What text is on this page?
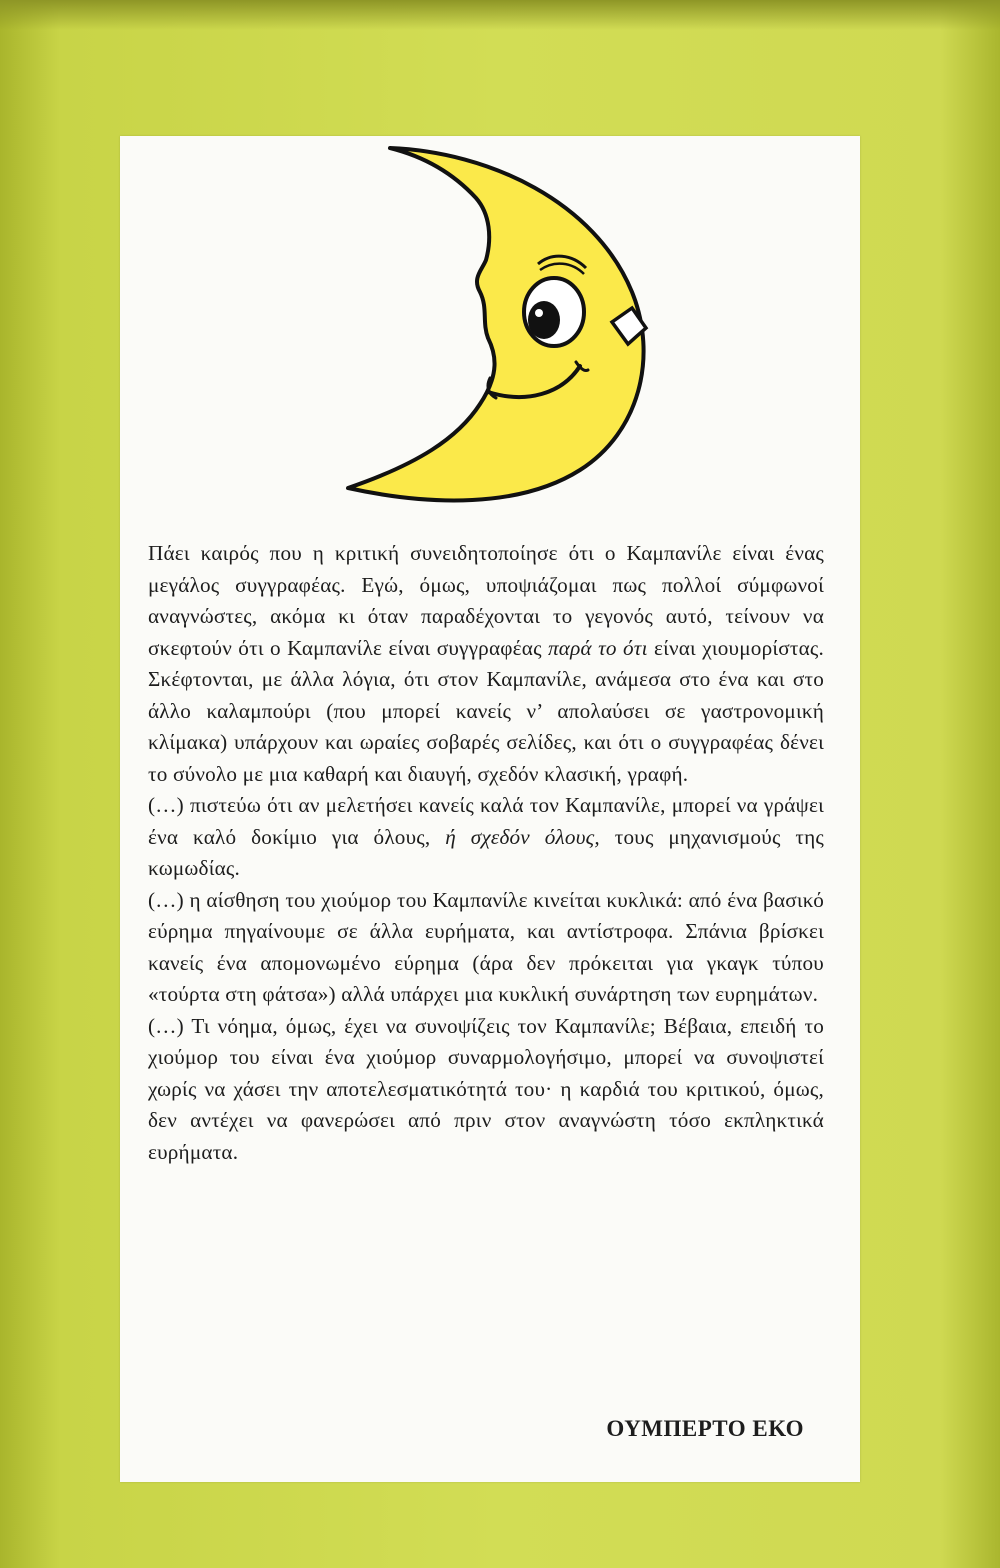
Πάει καιρός που η κριτική συνειδητοποίησε ότι ο Καμπανίλε είναι ένας μεγάλος συγγραφέας. Εγώ, όμως, υποψιάζομαι πως πολλοί σύμφωνοί αναγνώστες, ακόμα κι όταν παραδέχονται το γεγονός αυτό, τείνουν να σκεφτούν ότι ο Καμπανίλε είναι συγγραφέας παρά το ότι είναι χιουμορίστας. Σκέφτονται, με άλλα λόγια, ότι στον Καμπανίλε, ανάμεσα στο ένα και στο άλλο καλαμπούρι (που μπορεί κανείς ν’ απολαύσει σε γαστρονομική κλίμακα) υπάρχουν και ωραίες σοβαρές σελίδες, και ότι ο συγγραφέας δένει το σύνολο με μια καθαρή και διαυγή, σχεδόν κλασική, γραφή.

(…) πιστεύω ότι αν μελετήσει κανείς καλά τον Καμπανίλε, μπορεί να γράψει ένα καλό δοκίμιο για όλους, ή σχεδόν όλους, τους μηχανισμούς της κωμωδίας.

(…) η αίσθηση του χιούμορ του Καμπανίλε κινείται κυκλικά: από ένα βασικό εύρημα πηγαίνουμε σε άλλα ευρήματα, και αντίστροφα. Σπάνια βρίσκει κανείς ένα απομονωμένο εύρημα (άρα δεν πρόκειται για γκαγκ τύπου «τούρτα στη φάτσα») αλλά υπάρχει μια κυκλική συνάρτηση των ευρημάτων.

(…) Τι νόημα, όμως, έχει να συνοψίζεις τον Καμπανίλε; Βέβαια, επειδή το χιούμορ του είναι ένα χιούμορ συναρμολογήσιμο, μπορεί να συνοψιστεί χωρίς να χάσει την αποτελεσματικότητά του· η καρδιά του κριτικού, όμως, δεν αντέχει να φανερώσει από πριν στον αναγνώστη τόσο εκπληκτικά ευρήματα.

ΟΥΜΠΕΡΤΟ ΕΚΟ
